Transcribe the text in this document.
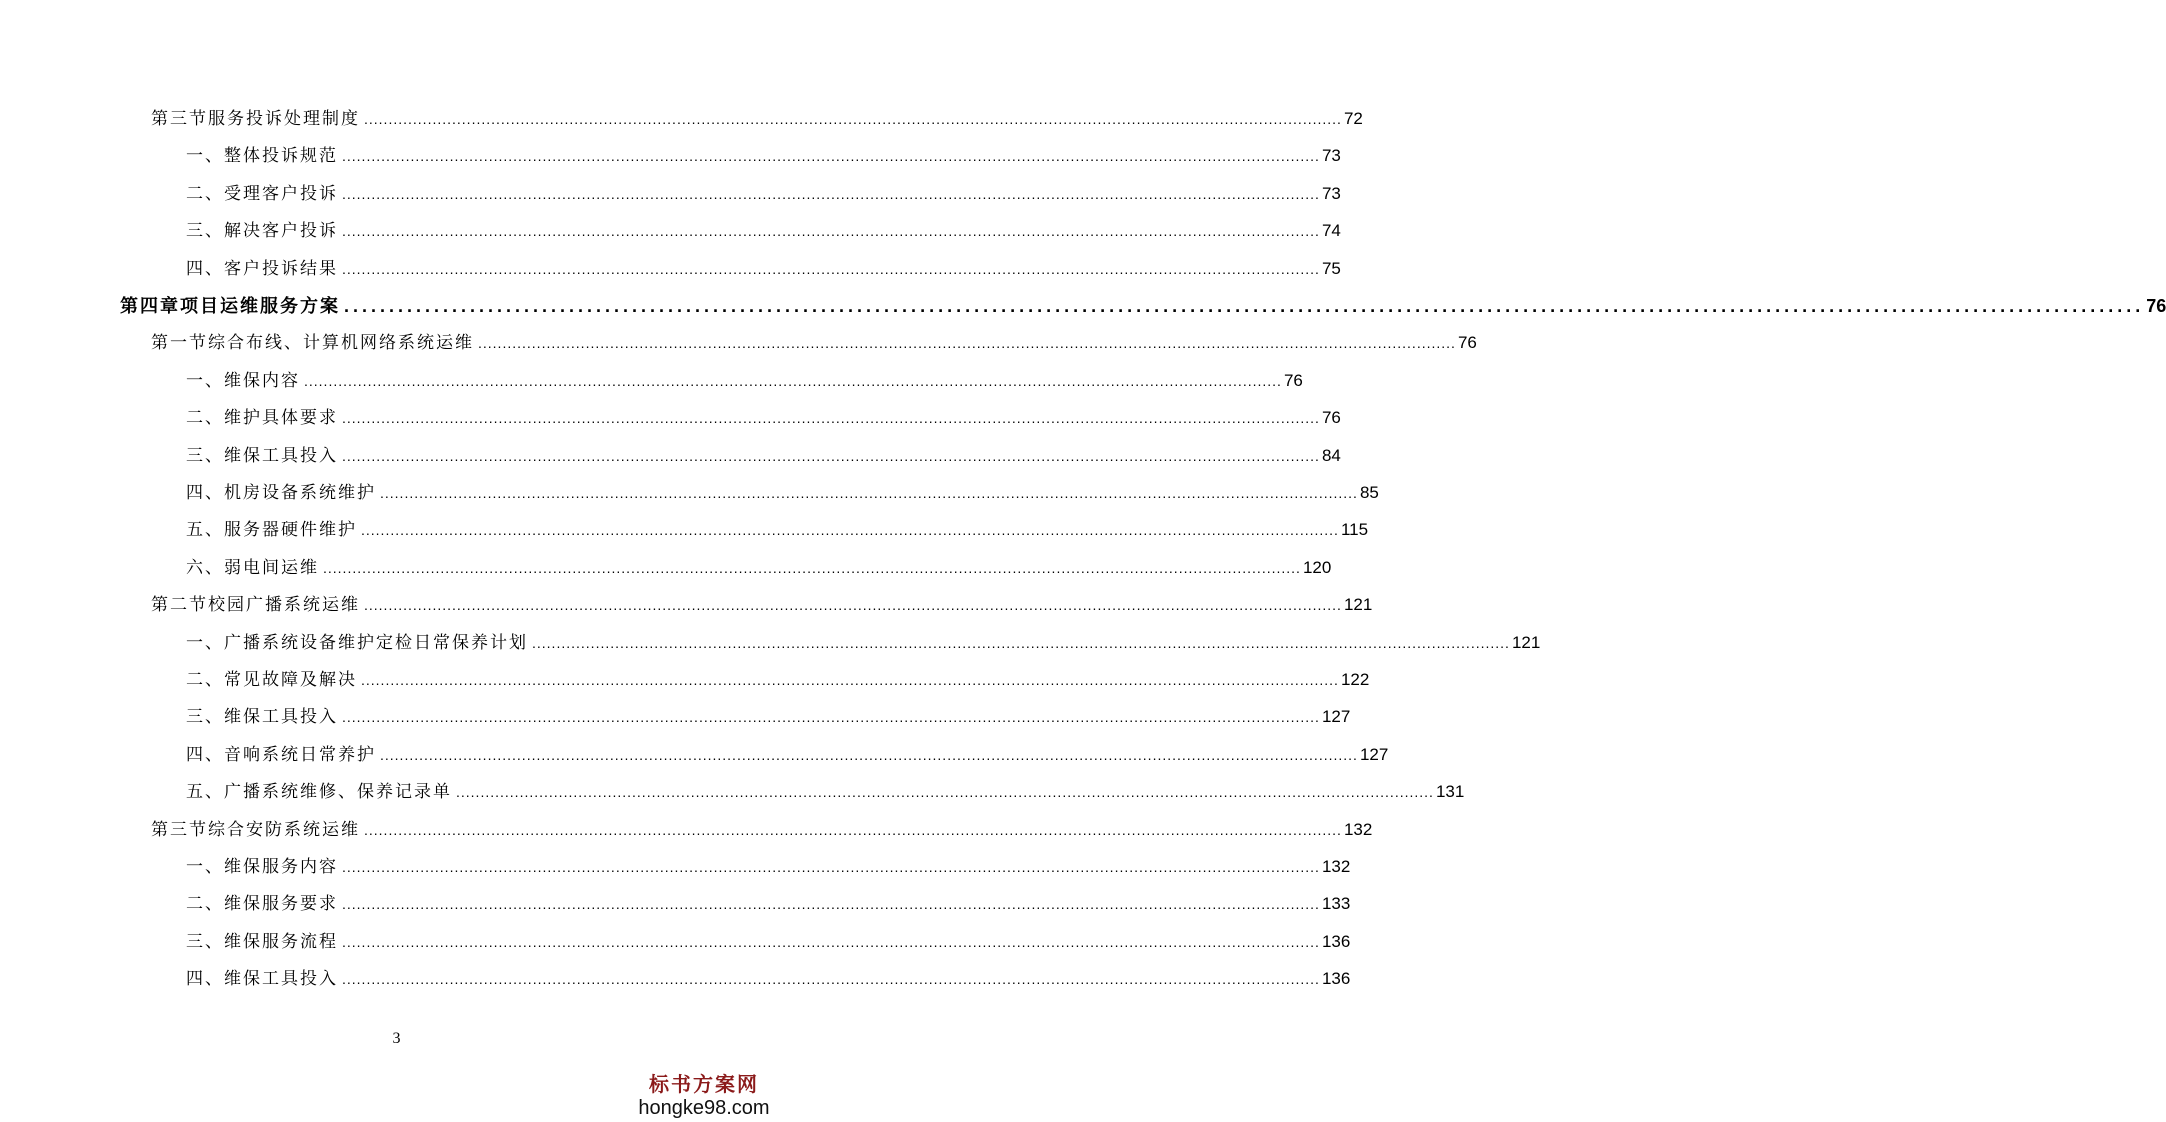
第三节 服务投诉处理制度 ........................................................................................................................................................................................................ 72
一、 整体投诉规范 ........................................................................................................................................................................................................ 73
二、 受理客户投诉 ........................................................................................................................................................................................................ 73
三、 解决客户投诉 ........................................................................................................................................................................................................ 74
四、 客户投诉结果 ........................................................................................................................................................................................................ 75
第四章 项目运维服务方案 ........................................................................................................................................................................................................ 76
第一节 综合布线、计算机网络系统运维 ........................................................................................................................................................................................................ 76
一、 维保内容 ........................................................................................................................................................................................................ 76
二、 维护具体要求 ........................................................................................................................................................................................................ 76
三、 维保工具投入 ........................................................................................................................................................................................................ 84
四、 机房设备系统维护 ........................................................................................................................................................................................................ 85
五、 服务器硬件维护 ........................................................................................................................................................................................................ 115
六、 弱电间运维 ........................................................................................................................................................................................................ 120
第二节 校园广播系统运维 ........................................................................................................................................................................................................ 121
一、 广播系统设备维护定检日常保养计划 ........................................................................................................................................................................................................ 121
二、 常见故障及解决 ........................................................................................................................................................................................................ 122
三、 维保工具投入 ........................................................................................................................................................................................................ 127
四、 音响系统日常养护 ........................................................................................................................................................................................................ 127
五、 广播系统维修、保养记录单 ........................................................................................................................................................................................................ 131
第三节 综合安防系统运维 ........................................................................................................................................................................................................ 132
一、 维保服务内容 ........................................................................................................................................................................................................ 132
二、 维保服务要求 ........................................................................................................................................................................................................ 133
三、 维保服务流程 ........................................................................................................................................................................................................ 136
四、 维保工具投入 ........................................................................................................................................................................................................ 136
3
标书方案网
hongke98.com
